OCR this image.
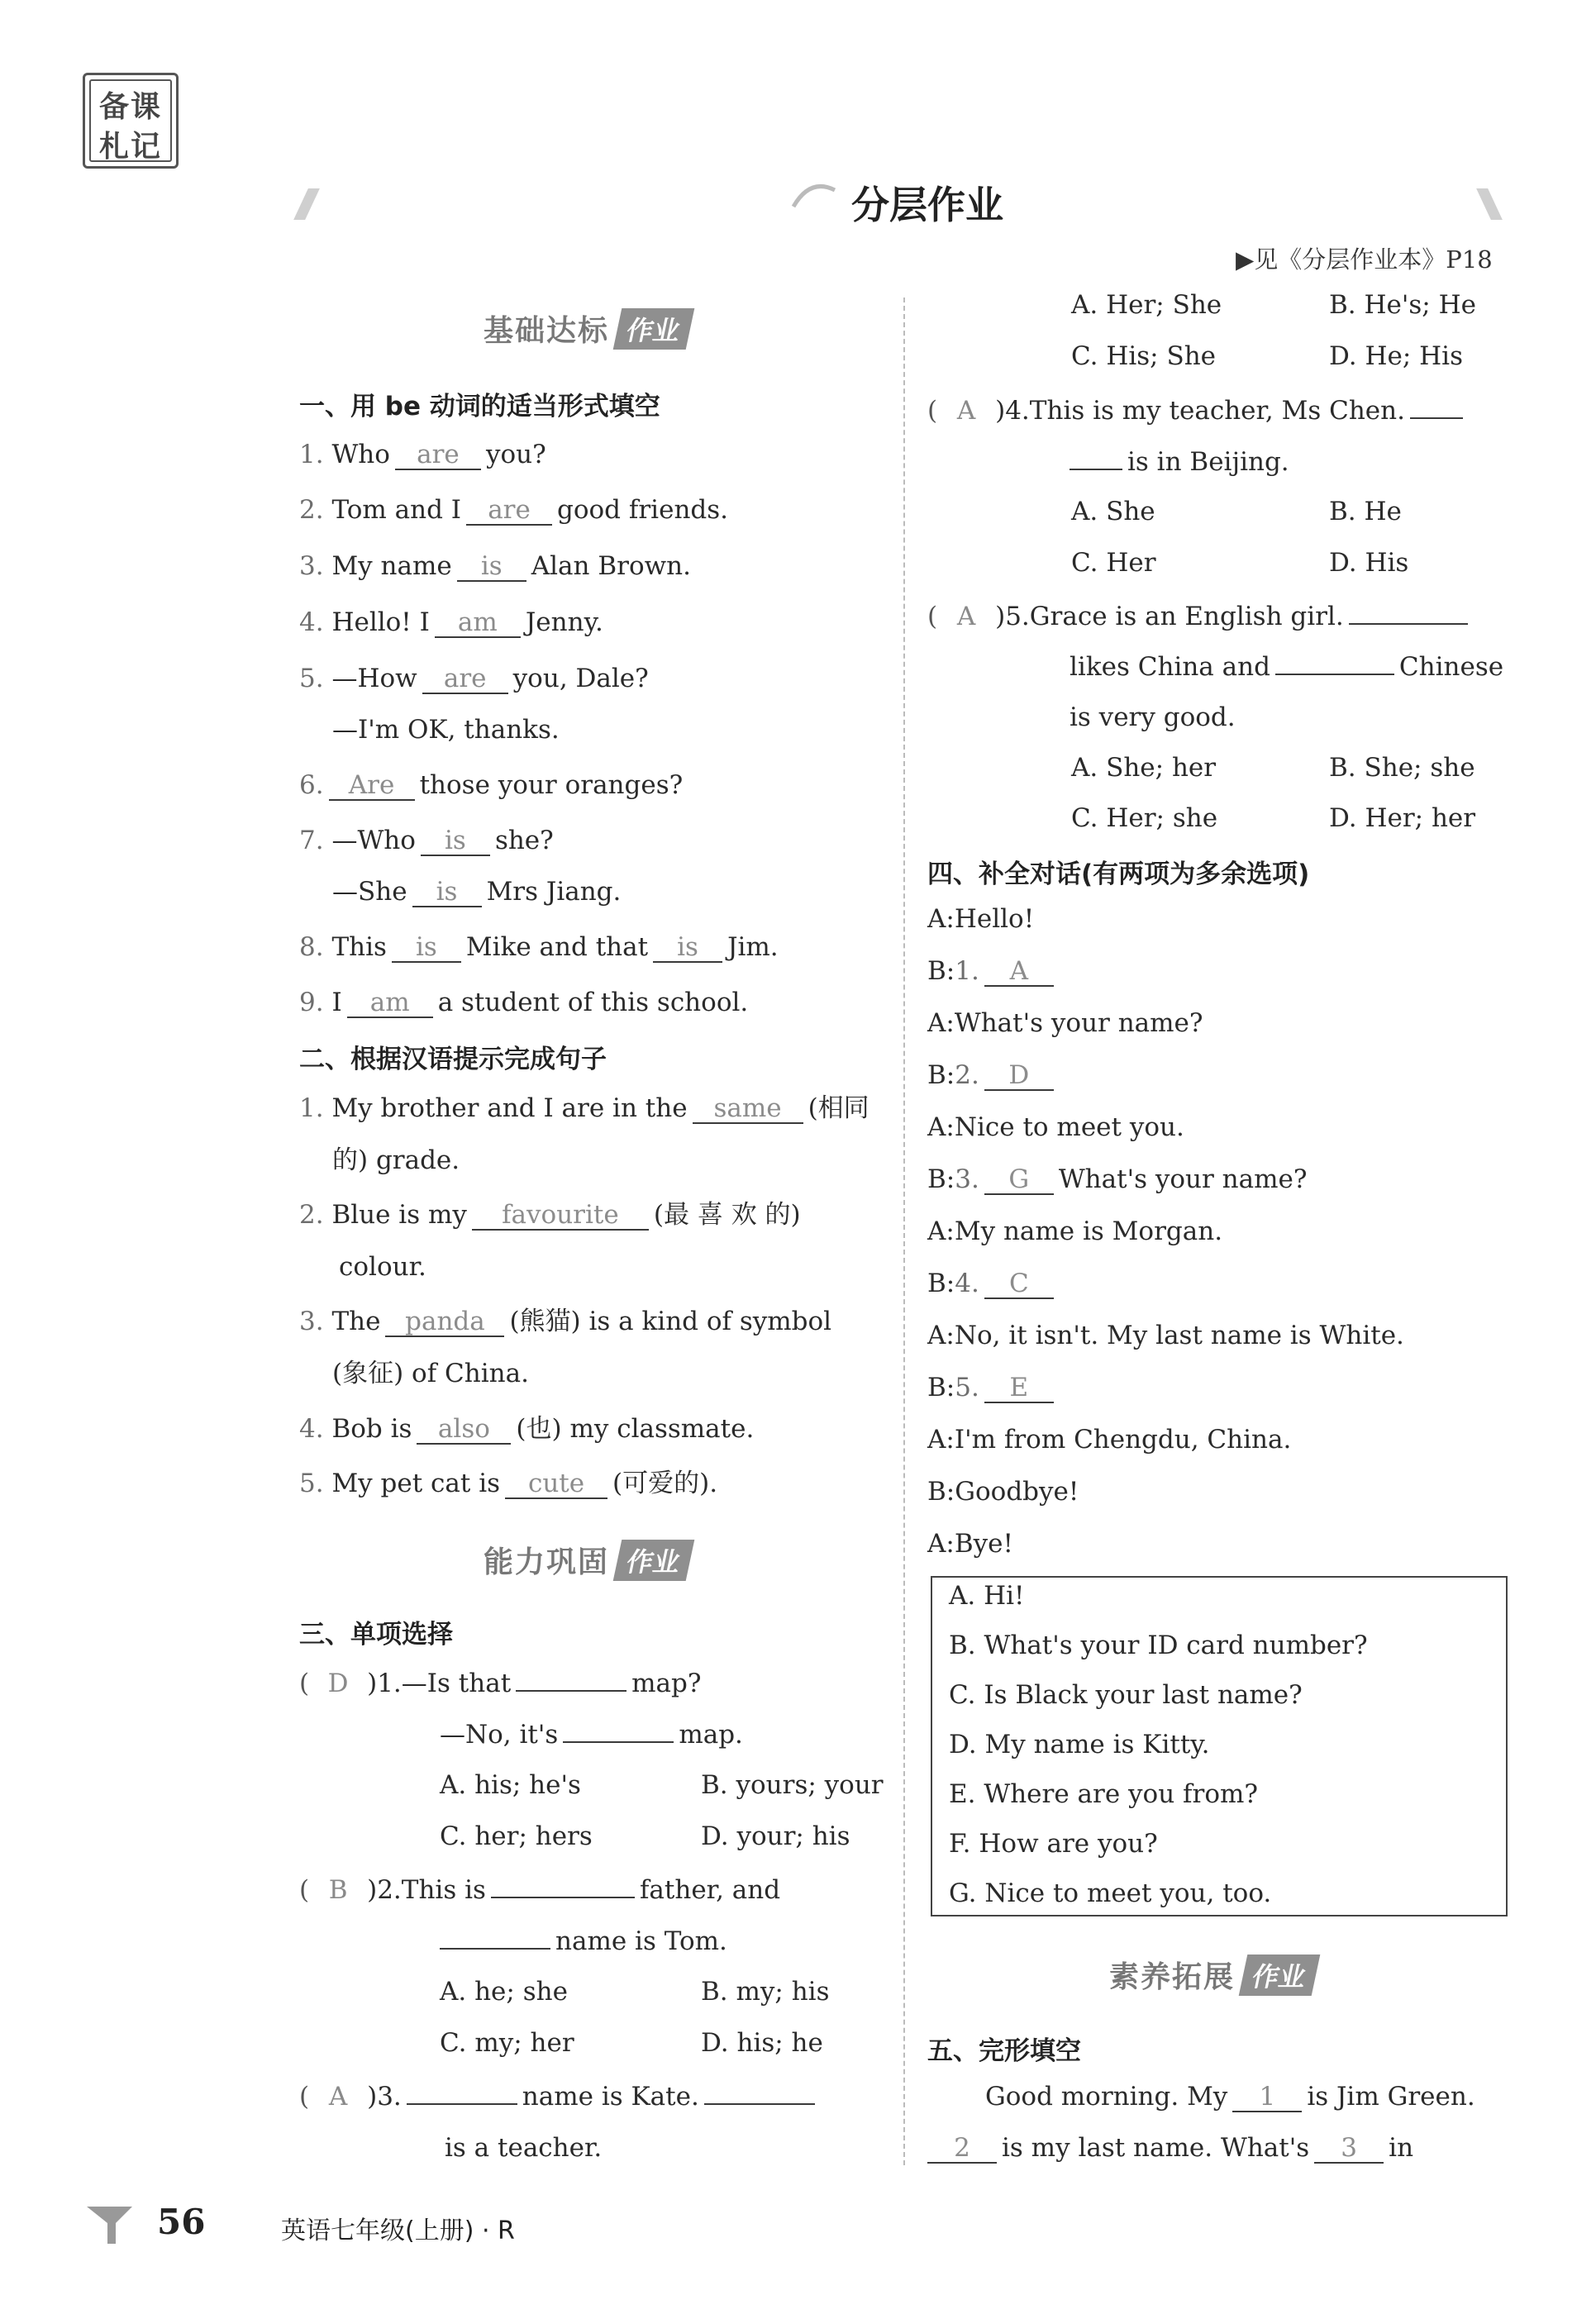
备课
札记
分层作业
▶见《分层作业本》P18
基础达标 作业
一、用 be 动词的适当形式填空
1. Who are you?
2. Tom and I are good friends.
3. My name is Alan Brown.
4. Hello! I am Jenny.
5. —How are you, Dale?
—I'm OK, thanks.
6. Are those your oranges?
7. —Who is she?
—She is Mrs Jiang.
8. This is Mike and that is Jim.
9. I am a student of this school.
二、根据汉语提示完成句子
1. My brother and I are in the same (相同
的) grade.
2. Blue is my favourite (最 喜 欢 的)
colour.
3. The panda (熊猫) is a kind of symbol
(象征) of China.
4. Bob is also (也) my classmate.
5. My pet cat is cute (可爱的).
能力巩固 作业
三、单项选择
( D )1.—Is that	map?
—No, it's	map.
A. his; he's	B. yours; your
C. her; hers	D. your; his
( B )2.This is	father, and
name is Tom.
A. he; she	B. my; his
C. my; her	D. his; he
( A )3.	name is Kate.
is a teacher.
A. Her; She	B. He's; He
C. His; She	D. He; His
( A )4.This is my teacher, Ms Chen.
is in Beijing.
A. She	B. He
C. Her	D. His
( A )5.Grace is an English girl.
likes China and	Chinese
is very good.
A. She; her	B. She; she
C. Her; she	D. Her; her
四、补全对话(有两项为多余选项)
A:Hello!
B:1. A
A:What's your name?
B:2. D
A:Nice to meet you.
B:3. G What's your name?
A:My name is Morgan.
B:4. C
A:No, it isn't. My last name is White.
B:5. E
A:I'm from Chengdu, China.
B:Goodbye!
A:Bye!
A. Hi!
B. What's your ID card number?
C. Is Black your last name?
D. My name is Kitty.
E. Where are you from?
F. How are you?
G. Nice to meet you, too.
素养拓展 作业
五、完形填空
Good morning. My 1 is Jim Green.
2 is my last name. What's 3 in
56	英语七年级(上册) · R
